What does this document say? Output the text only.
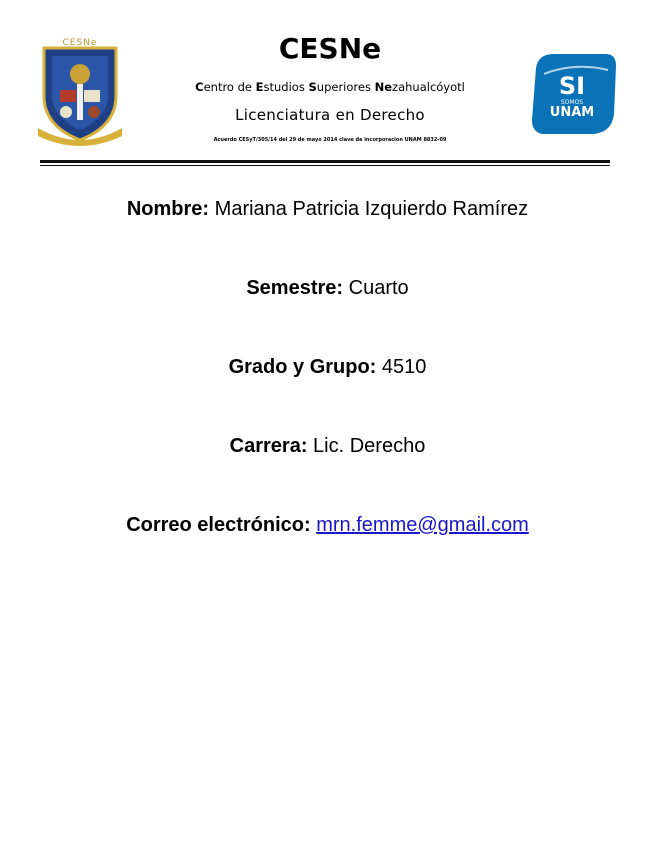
CESNe	CESNe
Centro de Estudios Superiores Nezahualcóyotl
Licenciatura en Derecho
Acuerdo CESyT/305/14 del 29 de mayo 2014 clave de incorporacion UNAM 8832-09
SI
SOMOS
UNAM
Nombre: Mariana Patricia Izquierdo Ramírez
Semestre: Cuarto
Grado y Grupo: 4510
Carrera: Lic. Derecho
Correo electrónico: mrn.femme@gmail.com
